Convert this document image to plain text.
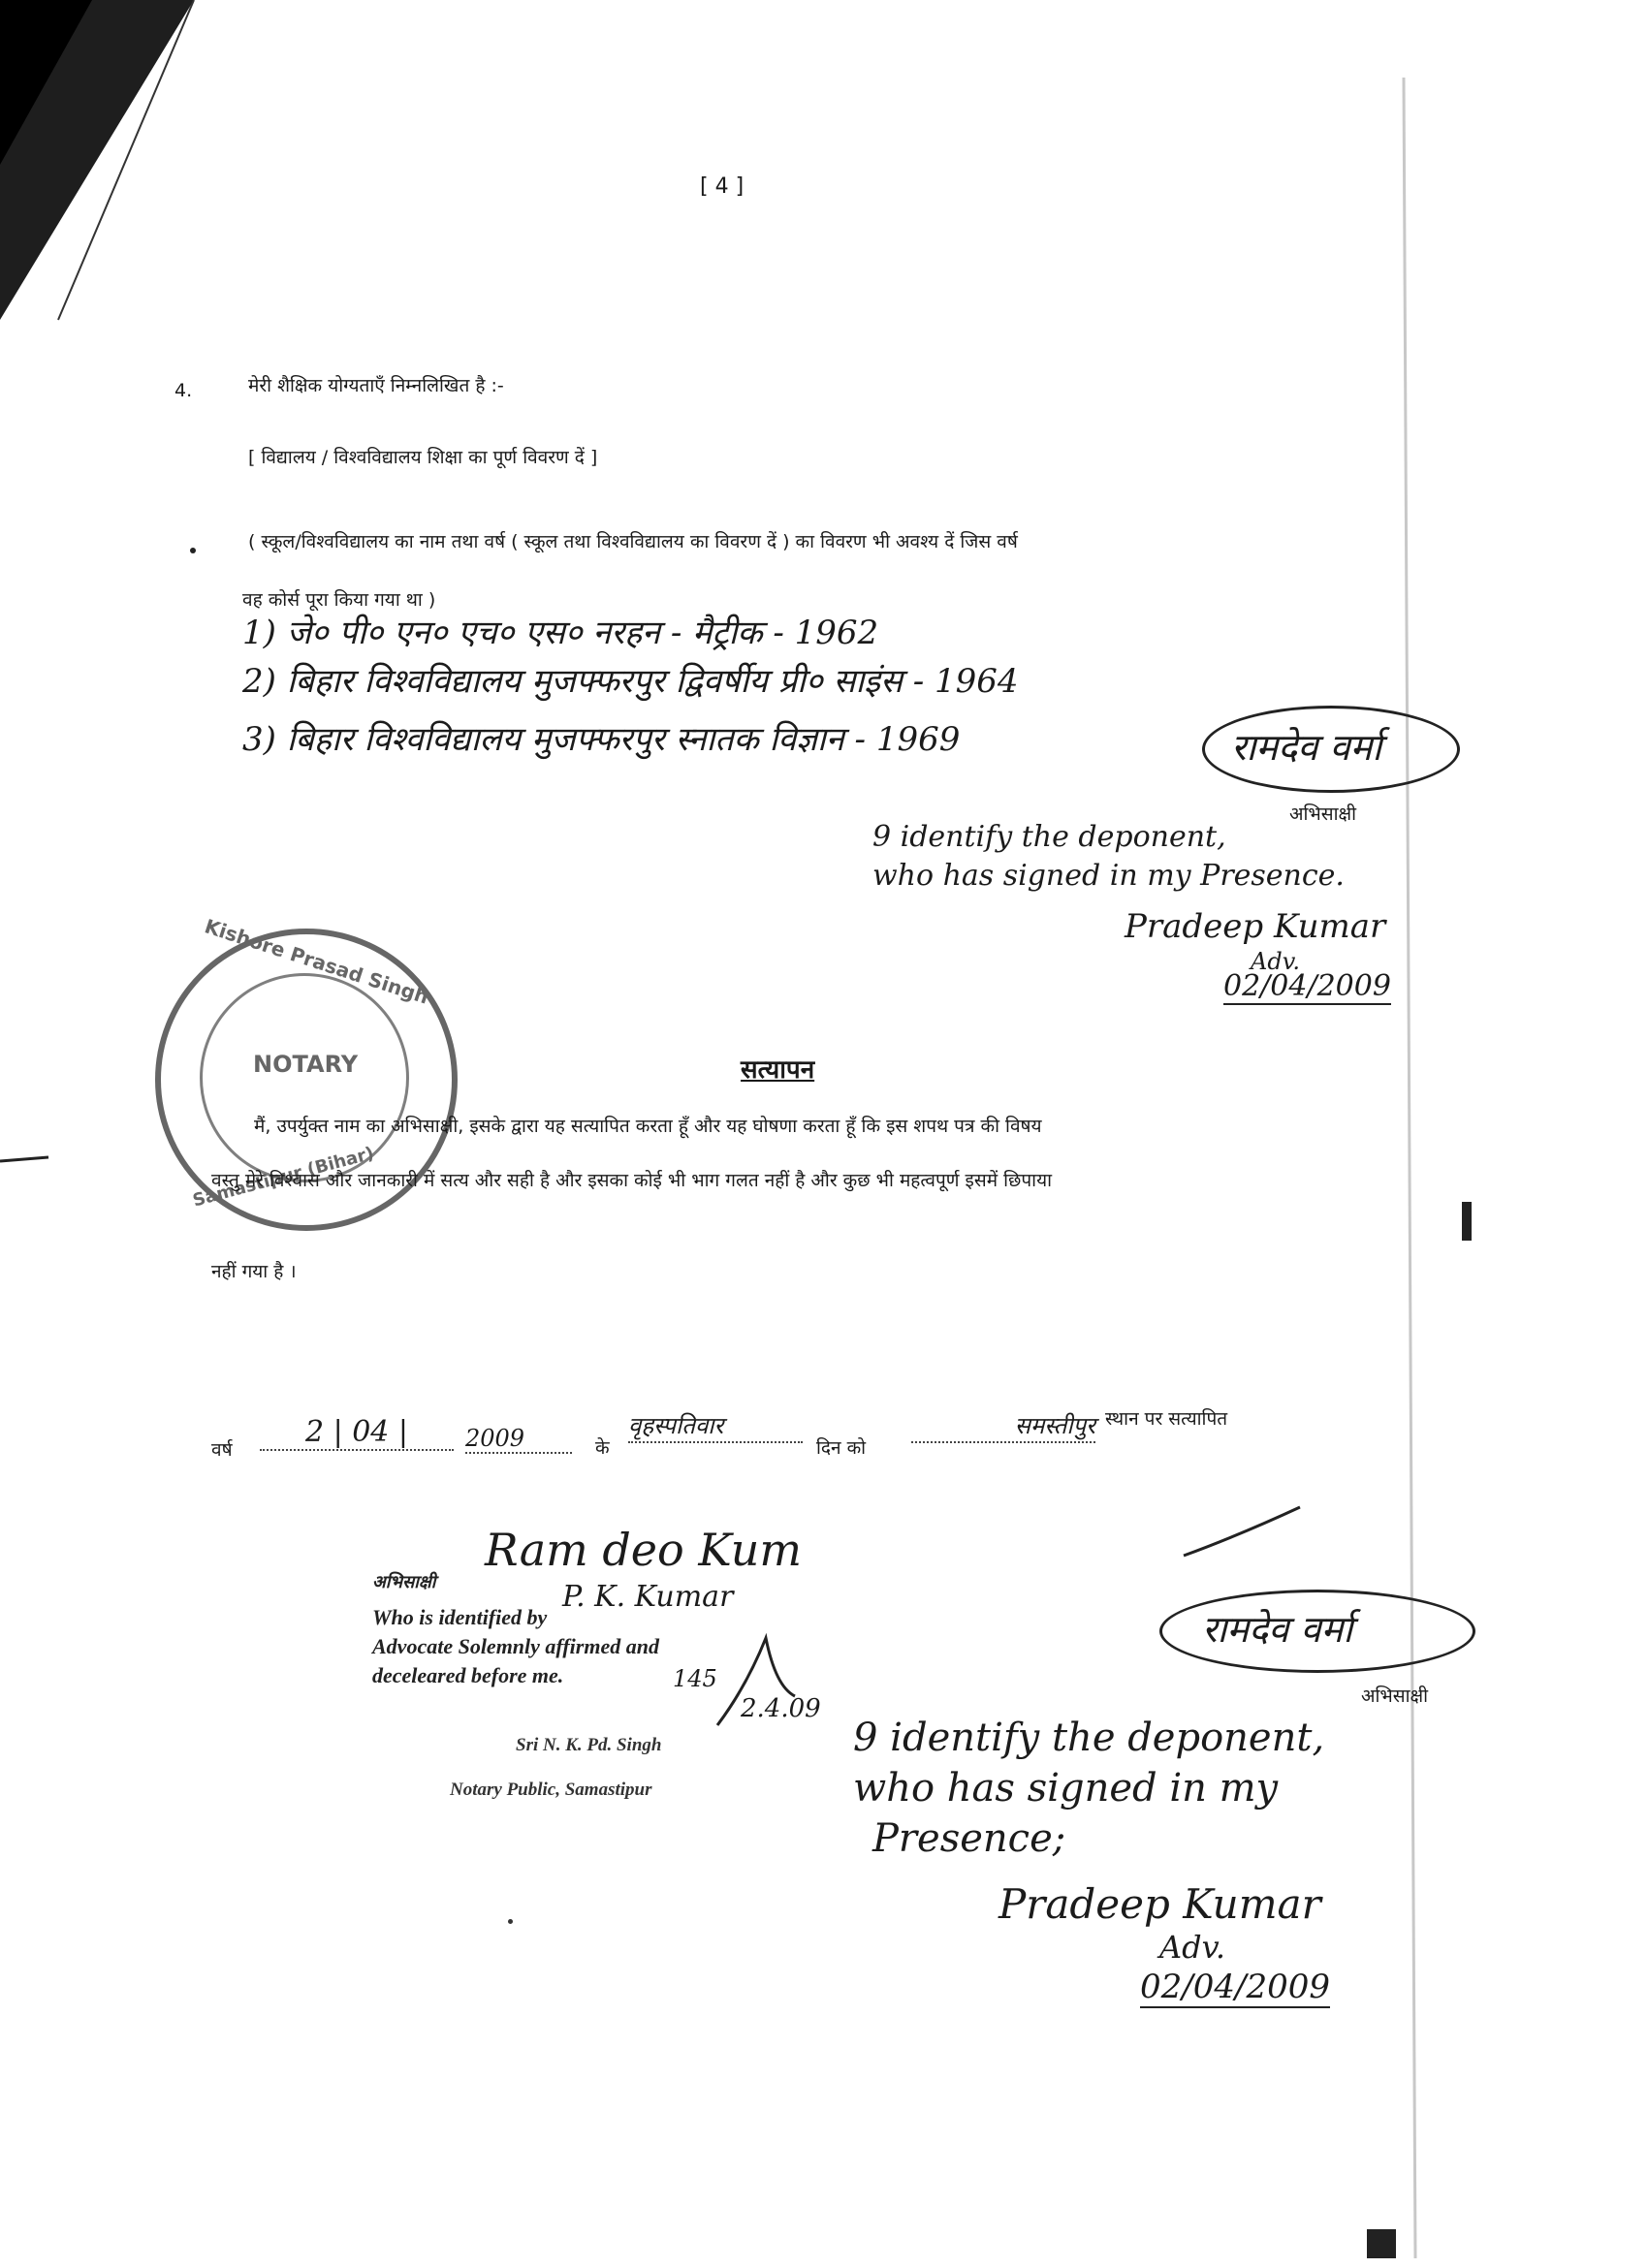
[ 4 ]
4.	मेरी शैक्षिक योग्यताएँ निम्नलिखित है :-
[ विद्यालय / विश्वविद्यालय शिक्षा का पूर्ण विवरण दें ]
( स्कूल/विश्वविद्यालय का नाम तथा वर्ष ( स्कूल तथा विश्वविद्यालय का विवरण दें ) का विवरण भी अवश्य दें जिस वर्ष
वह कोर्स पूरा किया गया था )
1) जे० पी० एन० एच० एस० नरहन - मैट्रीक - 1962
2) बिहार विश्वविद्यालय मुजफ्फरपुर द्विवर्षीय प्री० साइंस - 1964
3) बिहार विश्वविद्यालय मुजफ्फरपुर स्नातक विज्ञान - 1969	रामदेव वर्मा
अभिसाक्षी
9 identify the deponent,
who has signed in my Presence.
Pradeep Kumar
Adv.
02/04/2009
Kishore Prasad Singh
NOTARY
Samastipur (Bihar)
सत्यापन
मैं, उपर्युक्त नाम का अभिसाक्षी, इसके द्वारा यह सत्यापित करता हूँ और यह घोषणा करता हूँ कि इस शपथ पत्र की विषय
वस्तु मेरे विश्वास और जानकारी में सत्य और सही है और इसका कोई भी भाग गलत नहीं है और कुछ भी महत्वपूर्ण इसमें छिपाया
नहीं गया है ।
वर्ष
2 | 04 |	2009	के
वृहस्पतिवार
दिन को
समस्तीपुर स्थान पर सत्यापित
Ram deo Kum
अभिसाक्षी
Who is identified by
P. K. Kumar
Advocate Solemnly affirmed and
deceleared before me.	145
Sri N. K. Pd. Singh
2.4.09
Notary Public, Samastipur
रामदेव वर्मा
अभिसाक्षी
9 identify the deponent,
who has signed in my
Presence;
Pradeep Kumar
Adv.
02/04/2009
